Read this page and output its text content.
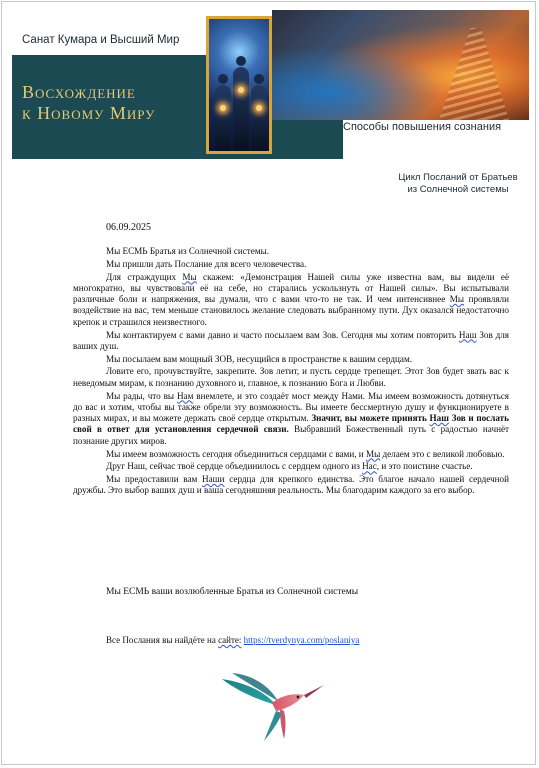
Санат Кумара и Высший Мир
Восхождение
к Новому Миру
Способы повышения сознания
Цикл Посланий от Братьев
из Солнечной системы
06.09.2025

Мы ЕСМЬ Братья из Солнечной системы.

Мы пришли дать Послание для всего человечества.

Для страждущих Мы скажем: «Демонстрация Нашей силы уже известна вам, вы видели её многократно, вы чувствовали её на себе, но старались ускользнуть от Нашей силы». Вы испытывали различные боли и напряжения, вы думали, что с вами что-то не так. И чем интенсивнее Мы проявляли воздействие на вас, тем меньше становилось желание следовать выбранному пути. Дух оказался недостаточно крепок и страшился неизвестного.

Мы контактируем с вами давно и часто посылаем вам Зов. Сегодня мы хотим повторить Наш Зов для ваших душ.

Мы посылаем вам мощный ЗОВ, несущийся в пространстве к вашим сердцам.

Ловите его, прочувствуйте, закрепите. Зов летит, и пусть сердце трепещет. Этот Зов будет звать вас к неведомым мирам, к познанию духовного и, главное, к познанию Бога и Любви.

Мы рады, что вы Нам внемлете, и это создаёт мост между Нами. Мы имеем возможность дотянуться до вас и хотим, чтобы вы также обрели эту возможность. Вы имеете бессмертную душу и функционируете в разных мирах, и вы можете держать своё сердце открытым. Значит, вы можете принять Наш Зов и послать свой в ответ для установления сердечной связи. Выбравший Божественный путь с радостью начнёт познание других миров.

Мы имеем возможность сегодня объединиться сердцами с вами, и Мы делаем это с великой любовью.

Друг Наш, сейчас твоё сердце объединилось с сердцем одного из Нас, и это поистине счастье.

Мы предоставили вам Наши сердца для крепкого единства. Это благое начало нашей сердечной дружбы. Это выбор ваших душ и ваша сегодняшняя реальность. Мы благодарим каждого за его выбор.

Мы ЕСМЬ ваши возлюбленные Братья из Солнечной системы
Все Послания вы найдёте на сайте: https://tverdynya.com/poslaniya
